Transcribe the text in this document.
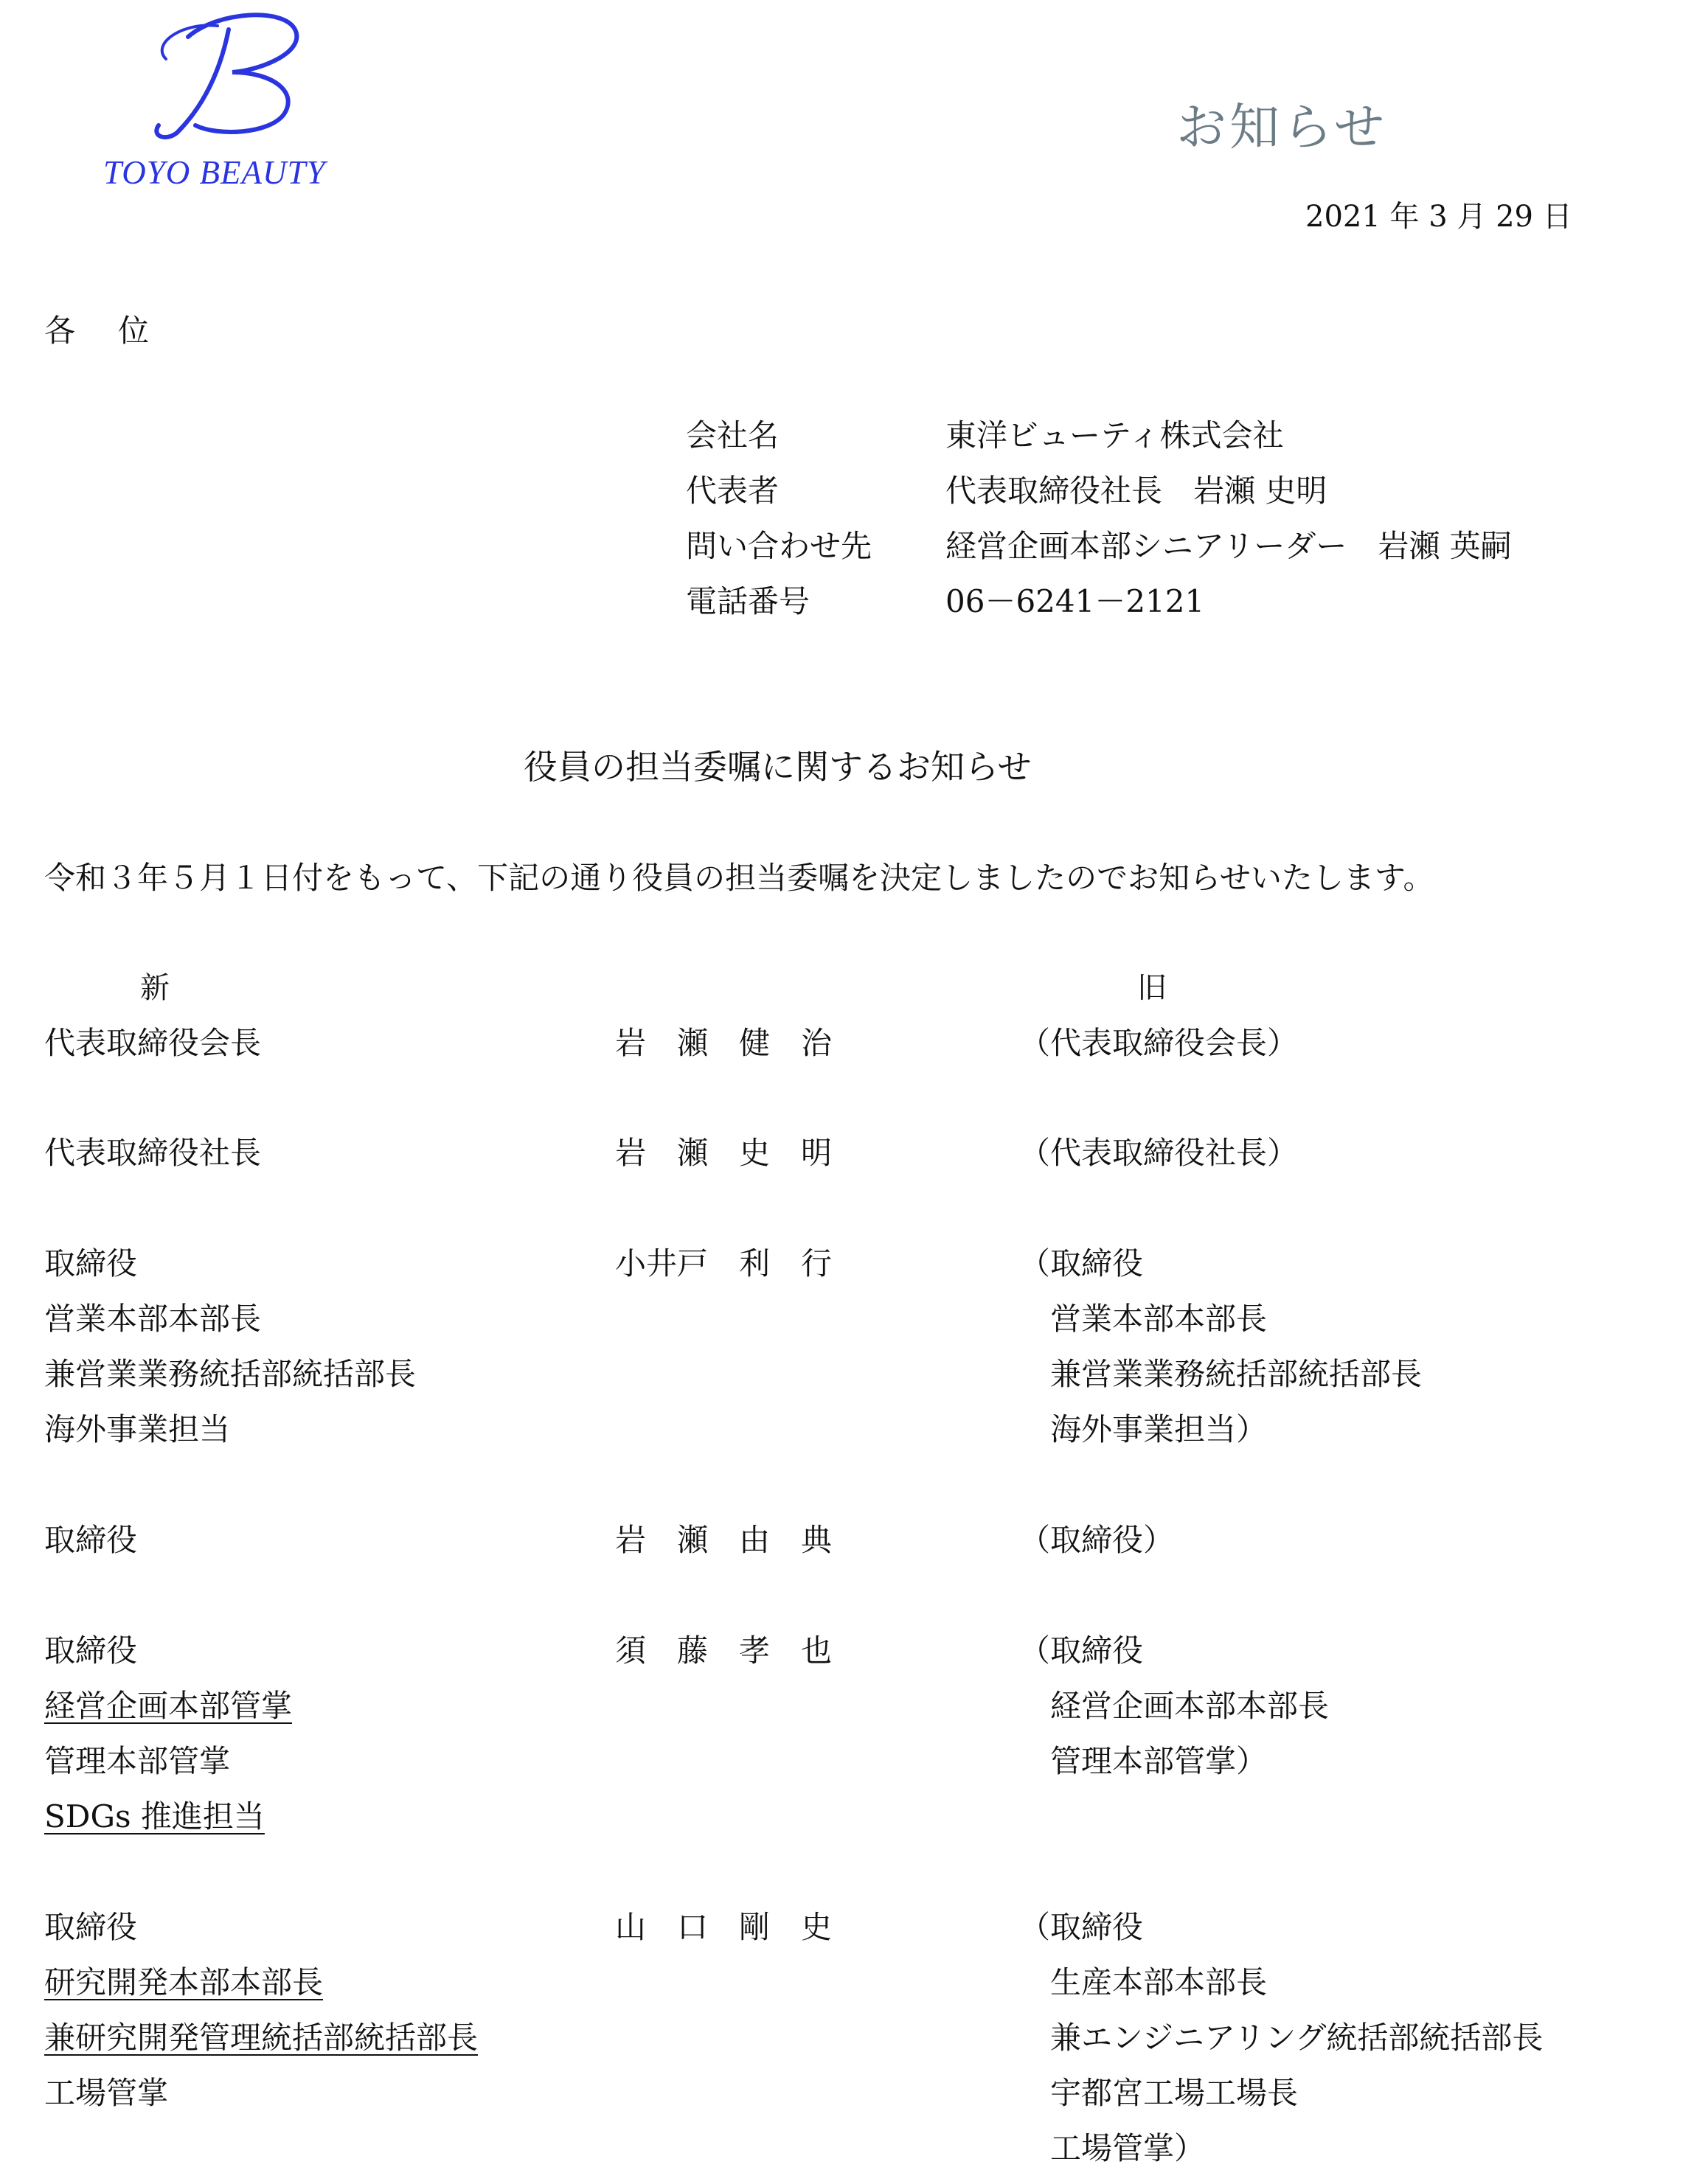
TOYO BEAUTY
お知らせ
2021 年 3 月 29 日
各位
会社名	東洋ビューティ株式会社
代表者	代表取締役社長　岩瀬 史明
問い合わせ先 経営企画本部シニアリーダー　岩瀬 英嗣
電話番号	06－6241－2121
役員の担当委嘱に関するお知らせ
令和３年５月１日付をもって、下記の通り役員の担当委嘱を決定しましたのでお知らせいたします。
新	旧
代表取締役会長	岩　瀬　健　治	（代表取締役会長）
代表取締役社長	岩　瀬　史　明	（代表取締役社長）
取締役
営業本部本部長
兼営業業務統括部統括部長
海外事業担当
小井戸　利　行	（取締役
　営業本部本部長
　兼営業業務統括部統括部長
　海外事業担当）
取締役	岩　瀬　由　典	（取締役）
取締役
経営企画本部管掌
管理本部管掌
SDGs 推進担当
須　藤　孝　也	（取締役
　経営企画本部本部長
　管理本部管掌）
取締役
研究開発本部本部長
兼研究開発管理統括部統括部長
工場管掌
山　口　剛　史	（取締役
　生産本部本部長
　兼エンジニアリング統括部統括部長
　宇都宮工場工場長
　工場管掌）
